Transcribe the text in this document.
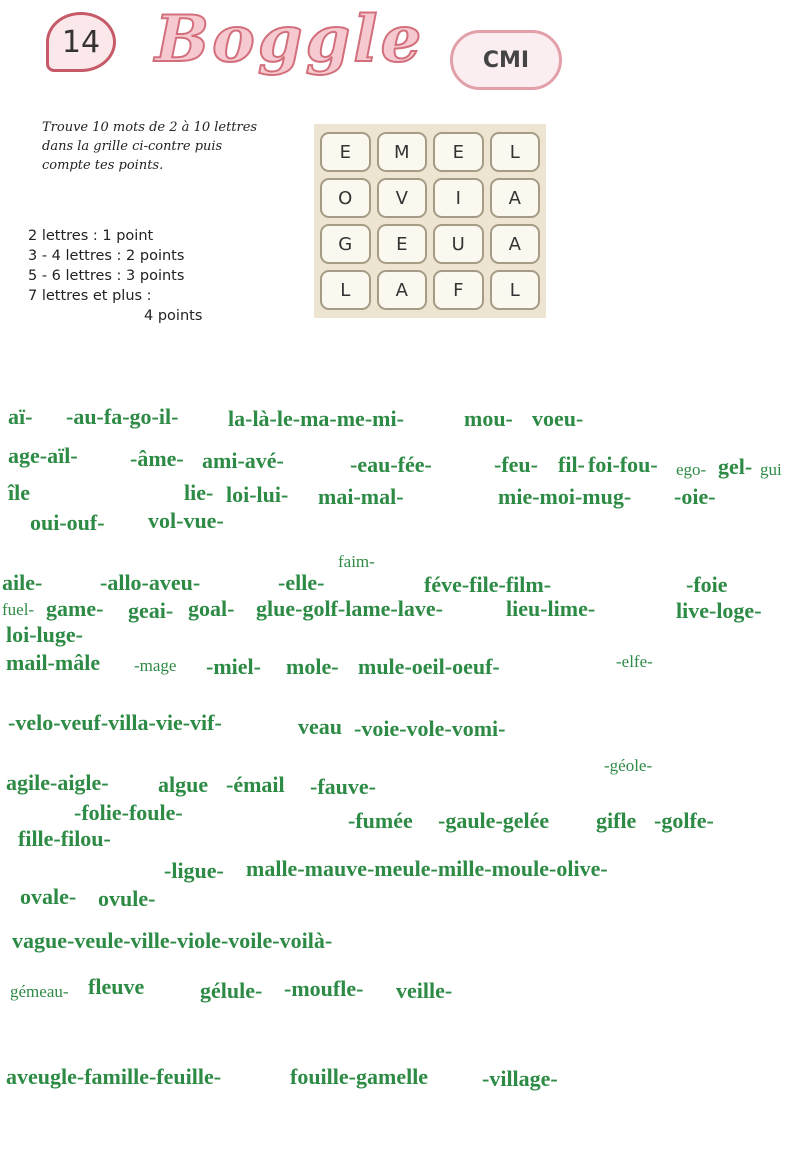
14 Boggle	CMI
Trouve 10 mots de 2 à 10 lettres dans la grille ci-contre puis compte tes points.
2 lettres : 1 point
3 - 4 lettres : 2 points
5 - 6 lettres : 3 points
7 lettres et plus :
4 points
E	M	E	L
O	V	I	A
G	E	U	A
L	A	F	L
aï- -au-fa-go-il- la-là-le-ma-me-mi-	mou- voeu-
age-aïl- -âme- ami-avé-	-eau-fée-	-feu- fil- foi-fou- ego- gel- gui
île	lie- loi-lui- mai-mal-	mie-moi-mug- -oie-
oui-ouf- vol-vue-
aile-	-allo-aveu-	-elle-
faim-
féve-file-film-	-foie
fuel- game- geai- goal- glue-golf-lame-lave-	lieu-lime-	live-loge-
loi-luge-
mail-mâle -mage -miel- mole- mule-oeil-oeuf-	-elfe-
-velo-veuf-villa-vie-vif-	veau -voie-vole-vomi-
-géole-
agile-aigle- algue -émail -fauve-
-folie-foule-	-fumée -gaule-gelée gifle -golfe-
fille-filou-
-ligue- malle-mauve-meule-mille-moule-olive-
ovale- ovule-
vague-veule-ville-viole-voile-voilà-
gémeau- fleuve	gélule- -moufle- veille-
aveugle-famille-feuille-	fouille-gamelle -village-
